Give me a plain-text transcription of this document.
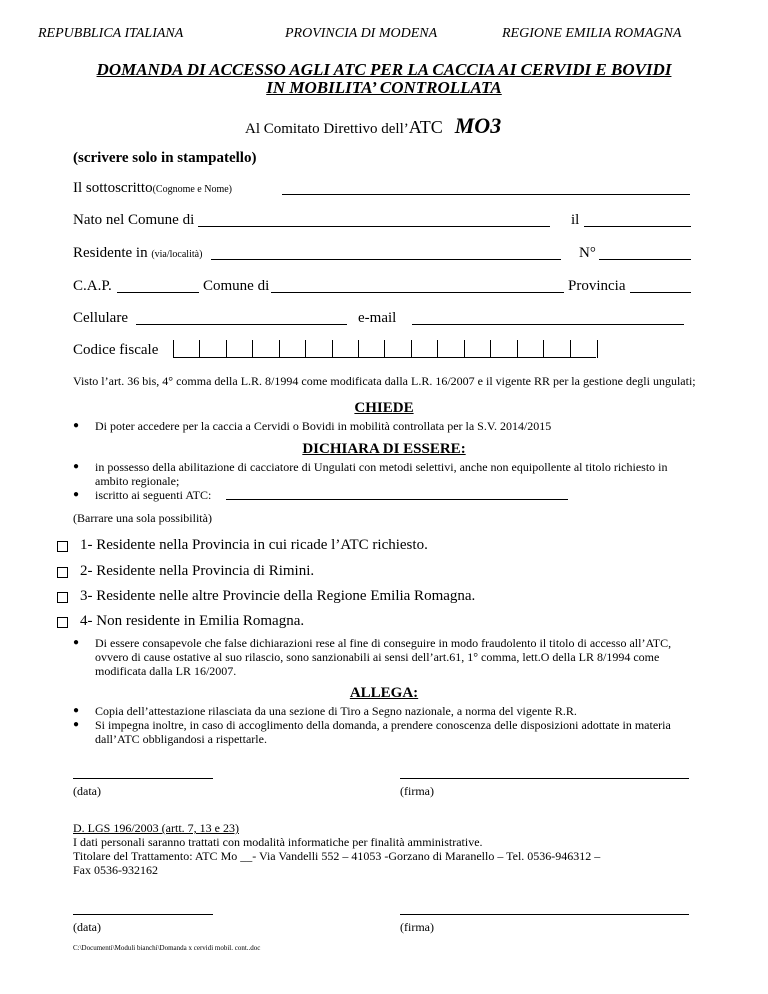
REPUBBLICA ITALIANA	PROVINCIA DI MODENA	REGIONE EMILIA ROMAGNA
DOMANDA DI ACCESSO AGLI ATC PER LA CACCIA AI CERVIDI E BOVIDI
IN MOBILITA’ CONTROLLATA
Al Comitato Direttivo dell’ATC MO3
(scrivere solo in stampatello)
Il sottoscritto(Cognome e Nome)
Nato nel Comune di	il
Residente in (via/località)	N°
C.A.P.	Comune di	Provincia
Cellulare	e-mail
Codice fiscale
Visto l’art. 36 bis, 4° comma della L.R. 8/1994 come modificata dalla L.R. 16/2007 e il vigente RR per la gestione degli ungulati;
CHIEDE
● Di poter accedere per la caccia a Cervidi o Bovidi in mobilità controllata per la S.V. 2014/2015
DICHIARA DI ESSERE:
● in possesso della abilitazione di cacciatore di Ungulati con metodi selettivi, anche non equipollente al titolo richiesto in ambito regionale;
● iscritto ai seguenti ATC:
(Barrare una sola possibilità)
1- Residente nella Provincia in cui ricade l’ATC richiesto.
2- Residente nella Provincia di Rimini.
3- Residente nelle altre Provincie della Regione Emilia Romagna.
4- Non residente in Emilia Romagna.
● Di essere consapevole che false dichiarazioni rese al fine di conseguire in modo fraudolento il titolo di accesso all’ATC, ovvero di cause ostative al suo rilascio, sono sanzionabili ai sensi dell’art.61, 1° comma, lett.O della LR 8/1994 come modificata dalla LR 16/2007.
ALLEGA:
● Copia dell’attestazione rilasciata da una sezione di Tiro a Segno nazionale, a norma del vigente R.R.
● Si impegna inoltre, in caso di accoglimento della domanda, a prendere conoscenza delle disposizioni adottate in materia dall’ATC obbligandosi a rispettarle.
(data)	(firma)
D. LGS 196/2003 (artt. 7, 13 e 23)
I dati personali saranno trattati con modalità informatiche per finalità amministrative.
Titolare del Trattamento: ATC Mo __- Via Vandelli 552 – 41053 -Gorzano di Maranello – Tel. 0536-946312 –
Fax 0536-932162
(data)	(firma)
C:\Documenti\Moduli bianchi\Domanda x cervidi mobil. cont..doc
